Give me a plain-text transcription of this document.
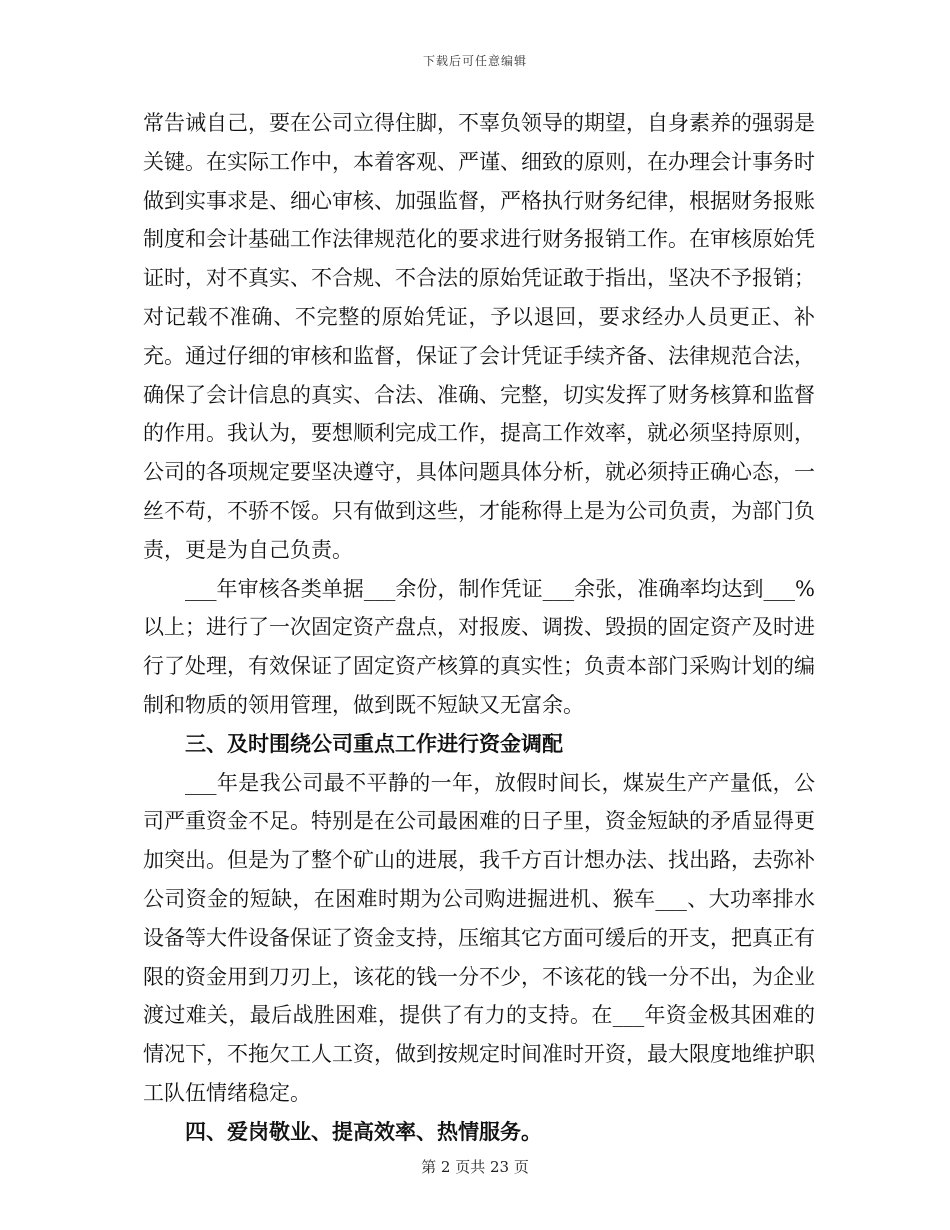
下载后可任意编辑

常告诫自己，要在公司立得住脚，不辜负领导的期望，自身素养的强弱是关键。在实际工作中，本着客观、严谨、细致的原则，在办理会计事务时做到实事求是、细心审核、加强监督，严格执行财务纪律，根据财务报账制度和会计基础工作法律规范化的要求进行财务报销工作。在审核原始凭证时，对不真实、不合规、不合法的原始凭证敢于指出，坚决不予报销；对记载不准确、不完整的原始凭证，予以退回，要求经办人员更正、补充。通过仔细的审核和监督，保证了会计凭证手续齐备、法律规范合法，确保了会计信息的真实、合法、准确、完整，切实发挥了财务核算和监督的作用。我认为，要想顺利完成工作，提高工作效率，就必须坚持原则，公司的各项规定要坚决遵守，具体问题具体分析，就必须持正确心态，一丝不苟，不骄不馁。只有做到这些，才能称得上是为公司负责，为部门负责，更是为自己负责。

___年审核各类单据___余份，制作凭证___余张，准确率均达到___%以上；进行了一次固定资产盘点，对报废、调拨、毁损的固定资产及时进行了处理，有效保证了固定资产核算的真实性；负责本部门采购计划的编制和物质的领用管理，做到既不短缺又无富余。

三、及时围绕公司重点工作进行资金调配

___年是我公司最不平静的一年，放假时间长，煤炭生产产量低，公司严重资金不足。特别是在公司最困难的日子里，资金短缺的矛盾显得更加突出。但是为了整个矿山的进展，我千方百计想办法、找出路，去弥补公司资金的短缺，在困难时期为公司购进掘进机、猴车___、大功率排水设备等大件设备保证了资金支持，压缩其它方面可缓后的开支，把真正有限的资金用到刀刃上，该花的钱一分不少，不该花的钱一分不出，为企业渡过难关，最后战胜困难，提供了有力的支持。在___年资金极其困难的情况下，不拖欠工人工资，做到按规定时间准时开资，最大限度地维护职工队伍情绪稳定。

四、爱岗敬业、提高效率、热情服务。

第 2 页共 23 页
